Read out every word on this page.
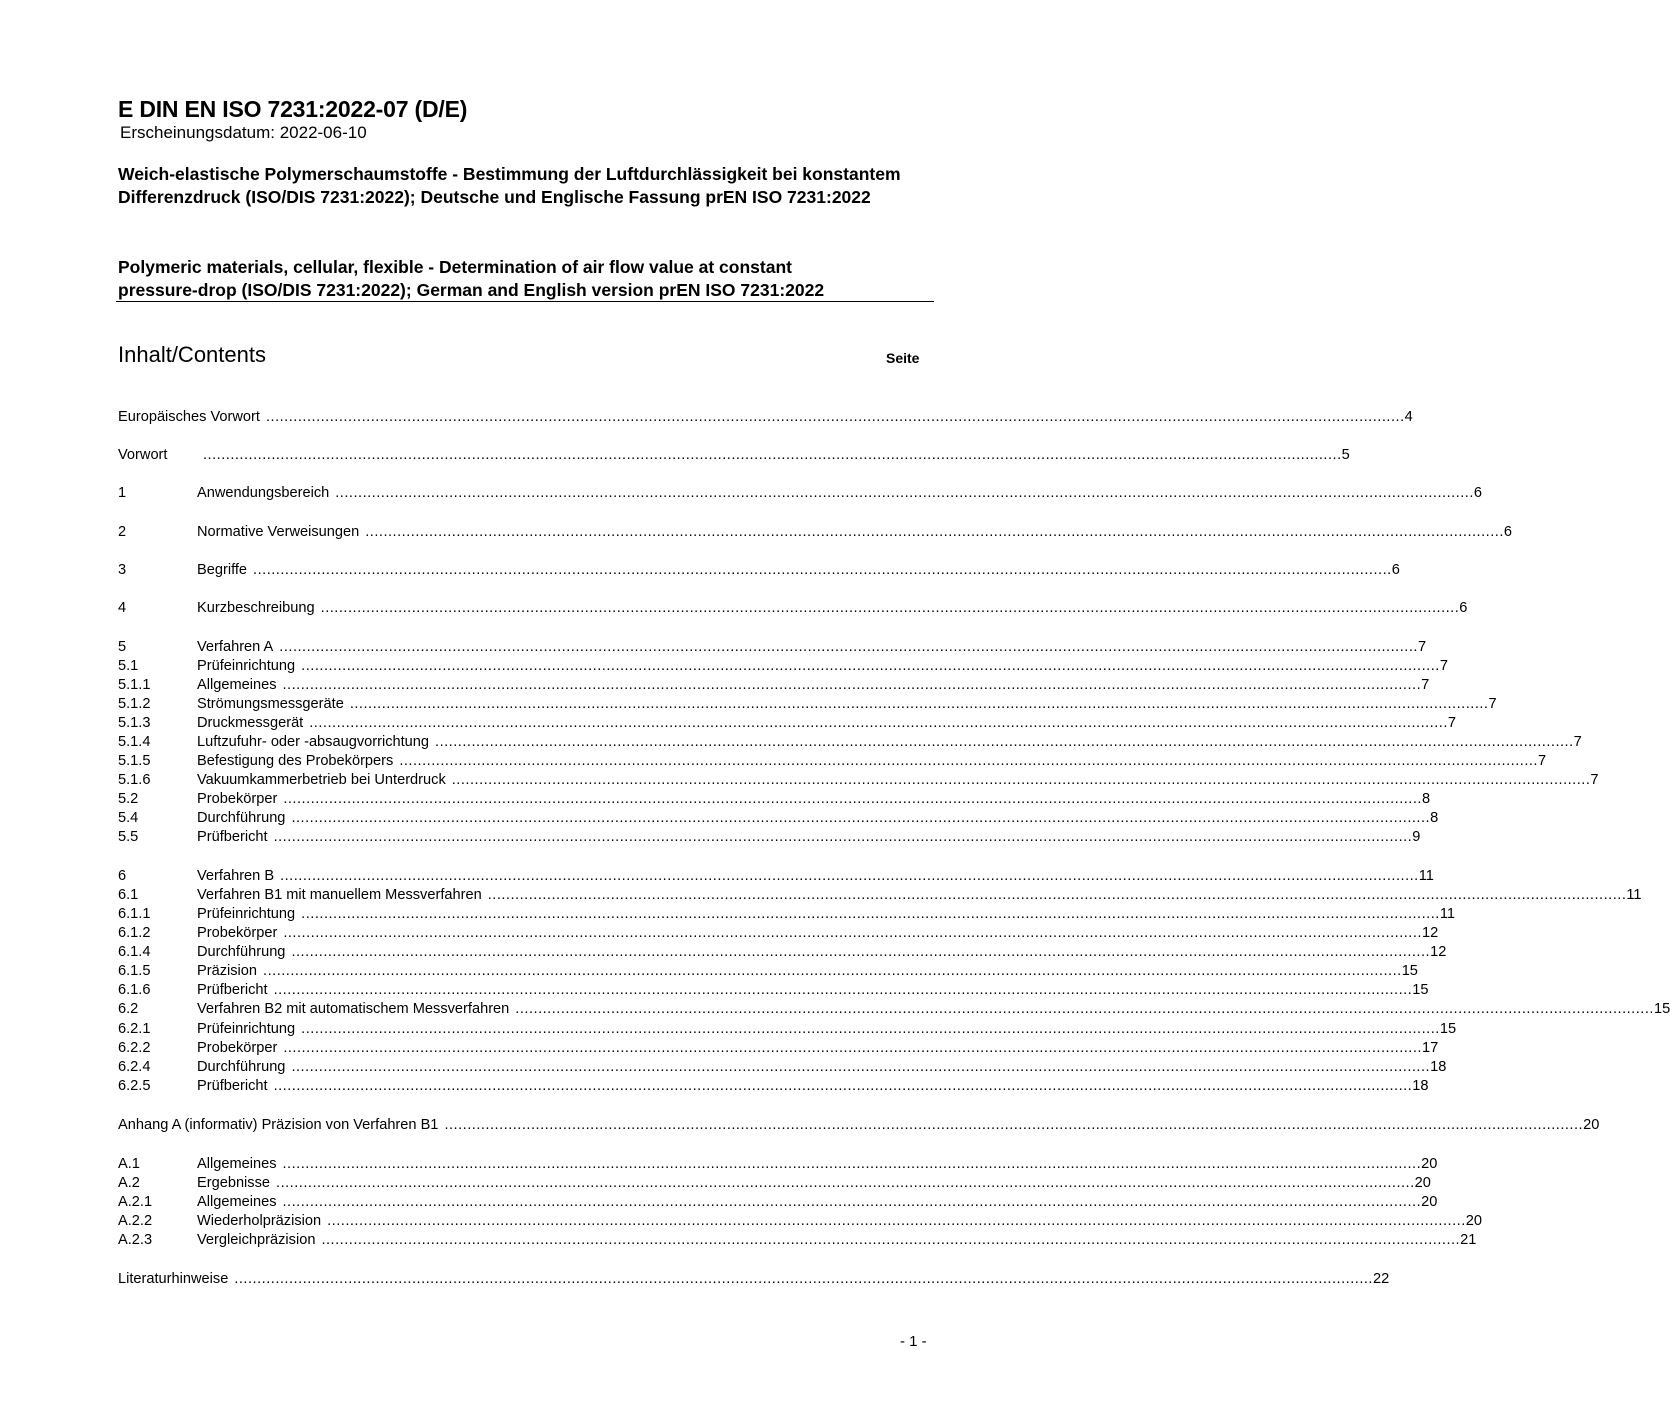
E DIN EN ISO 7231:2022-07 (D/E)
Erscheinungsdatum: 2022-06-10
Weich-elastische Polymerschaumstoffe - Bestimmung der Luftdurchlässigkeit bei konstantem Differenzdruck (ISO/DIS 7231:2022); Deutsche und Englische Fassung prEN ISO 7231:2022
Polymeric materials, cellular, flexible - Determination of air flow value at constant
pressure-drop (ISO/DIS 7231:2022); German and English version prEN ISO 7231:2022
Inhalt/Contents	Seite
Europäisches Vorwort .......................................................................................................................................................................................................................................................... 4
Vorwort	.......................................................................................................................................................................................................................................................... 5
1	Anwendungsbereich .......................................................................................................................................................................................................................................................... 6
2	Normative Verweisungen .......................................................................................................................................................................................................................................................... 6
3	Begriffe .......................................................................................................................................................................................................................................................... 6
4	Kurzbeschreibung .......................................................................................................................................................................................................................................................... 6
5	Verfahren A .......................................................................................................................................................................................................................................................... 7
5.1	Prüfeinrichtung .......................................................................................................................................................................................................................................................... 7
5.1.1	Allgemeines .......................................................................................................................................................................................................................................................... 7
5.1.2	Strömungsmessgeräte .......................................................................................................................................................................................................................................................... 7
5.1.3	Druckmessgerät .......................................................................................................................................................................................................................................................... 7
5.1.4	Luftzufuhr- oder -absaugvorrichtung .......................................................................................................................................................................................................................................................... 7
5.1.5	Befestigung des Probekörpers .......................................................................................................................................................................................................................................................... 7
5.1.6	Vakuumkammerbetrieb bei Unterdruck .......................................................................................................................................................................................................................................................... 7
5.2	Probekörper .......................................................................................................................................................................................................................................................... 8
5.4	Durchführung .......................................................................................................................................................................................................................................................... 8
5.5	Prüfbericht .......................................................................................................................................................................................................................................................... 9
6	Verfahren B .......................................................................................................................................................................................................................................................... 11
6.1	Verfahren B1 mit manuellem Messverfahren .......................................................................................................................................................................................................................................................... 11
6.1.1	Prüfeinrichtung .......................................................................................................................................................................................................................................................... 11
6.1.2	Probekörper .......................................................................................................................................................................................................................................................... 12
6.1.4	Durchführung .......................................................................................................................................................................................................................................................... 12
6.1.5	Präzision .......................................................................................................................................................................................................................................................... 15
6.1.6	Prüfbericht .......................................................................................................................................................................................................................................................... 15
6.2	Verfahren B2 mit automatischem Messverfahren .......................................................................................................................................................................................................................................................... 15
6.2.1	Prüfeinrichtung .......................................................................................................................................................................................................................................................... 15
6.2.2	Probekörper .......................................................................................................................................................................................................................................................... 17
6.2.4	Durchführung .......................................................................................................................................................................................................................................................... 18
6.2.5	Prüfbericht .......................................................................................................................................................................................................................................................... 18
Anhang A (informativ) Präzision von Verfahren B1 .......................................................................................................................................................................................................................................................... 20
A.1	Allgemeines .......................................................................................................................................................................................................................................................... 20
A.2	Ergebnisse .......................................................................................................................................................................................................................................................... 20
A.2.1	Allgemeines .......................................................................................................................................................................................................................................................... 20
A.2.2	Wiederholpräzision .......................................................................................................................................................................................................................................................... 20
A.2.3	Vergleichpräzision .......................................................................................................................................................................................................................................................... 21
Literaturhinweise .......................................................................................................................................................................................................................................................... 22
- 1 -
